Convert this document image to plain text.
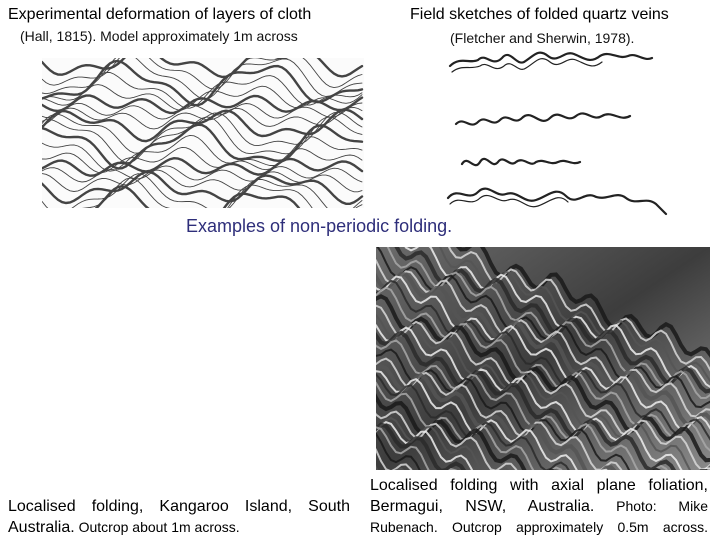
Experimental deformation of layers of cloth
(Hall, 1815). Model approximately 1m across
Field sketches of folded quartz veins
(Fletcher and Sherwin, 1978).
Examples of non-periodic folding.
Localised folding, Kangaroo Island, South
Australia. Outcrop about 1m across.
Localised folding with axial plane foliation,
Bermagui, NSW, Australia. Photo: Mike
Rubenach. Outcrop approximately 0.5m across.
